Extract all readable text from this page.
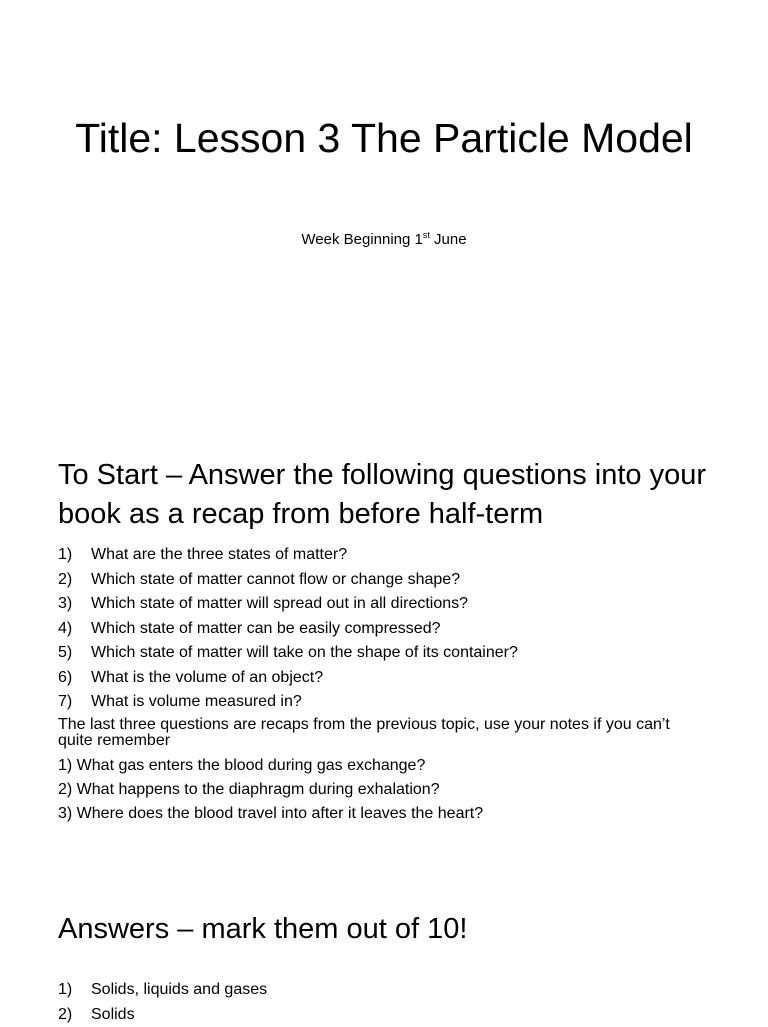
Title: Lesson 3 The Particle Model
Week Beginning 1st June
To Start – Answer the following questions into your book as a recap from before half-term
1)	What are the three states of matter?
2)	Which state of matter cannot flow or change shape?
3)	Which state of matter will spread out in all directions?
4)	Which state of matter can be easily compressed?
5)	Which state of matter will take on the shape of its container?
6)	What is the volume of an object?
7)	What is volume measured in?
The last three questions are recaps from the previous topic, use your notes if you can’t quite remember
1) What gas enters the blood during gas exchange?
2) What happens to the diaphragm during exhalation?
3) Where does the blood travel into after it leaves the heart?
Answers – mark them out of 10!
1)	Solids, liquids and gases
2)	Solids
